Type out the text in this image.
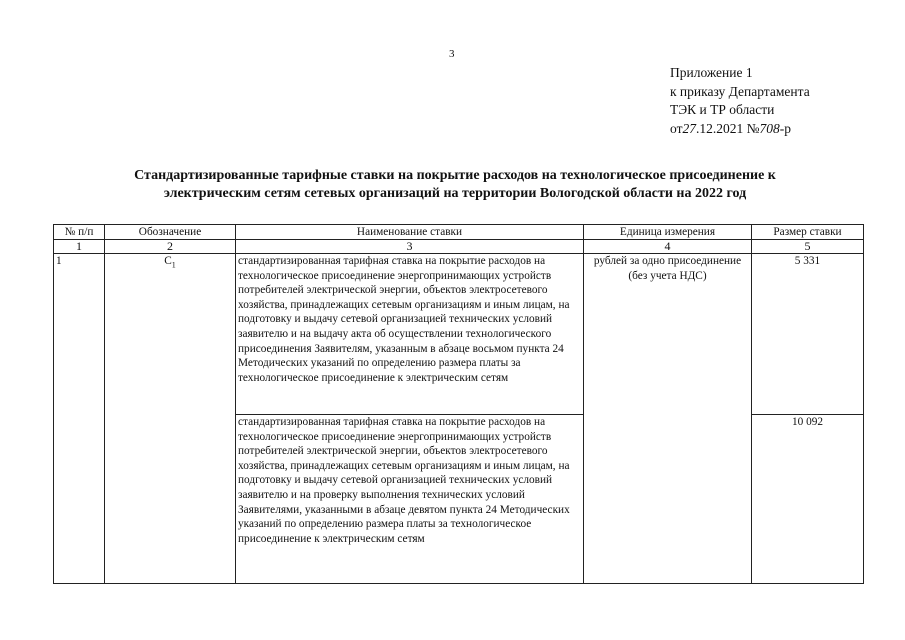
3
Приложение 1
к приказу Департамента
ТЭК и ТР области
от27.12.2021 №708-р
Стандартизированные тарифные ставки на покрытие расходов на технологическое присоединение к
электрическим сетям сетевых организаций на территории Вологодской области на 2022 год
№ п/п	Обозначение	Наименование ставки	Единица измерения	Размер ставки
1	2	3	4	5
1	$C_1$	стандартизированная тарифная ставка на покрытие расходов на технологическое присоединение энергопринимающих устройств потребителей электрической энергии, объектов электросетевого хозяйства, принадлежащих сетевым организациям и иным лицам, на подготовку и выдачу сетевой организацией технических условий заявителю и на выдачу акта об осуществлении технологического присоединения Заявителям, указанным в абзаце восьмом пункта 24 Методических указаний по определению размера платы за технологическое присоединение к электрическим сетям	рублей за одно присоединение (без учета НДС)	5 331
		стандартизированная тарифная ставка на покрытие расходов на технологическое присоединение энергопринимающих устройств потребителей электрической энергии, объектов электросетевого хозяйства, принадлежащих сетевым организациям и иным лицам, на подготовку и выдачу сетевой организацией технических условий заявителю и на проверку выполнения технических условий Заявителями, указанными в абзаце девятом пункта 24 Методических указаний по определению размера платы за технологическое присоединение к электрическим сетям		10 092
